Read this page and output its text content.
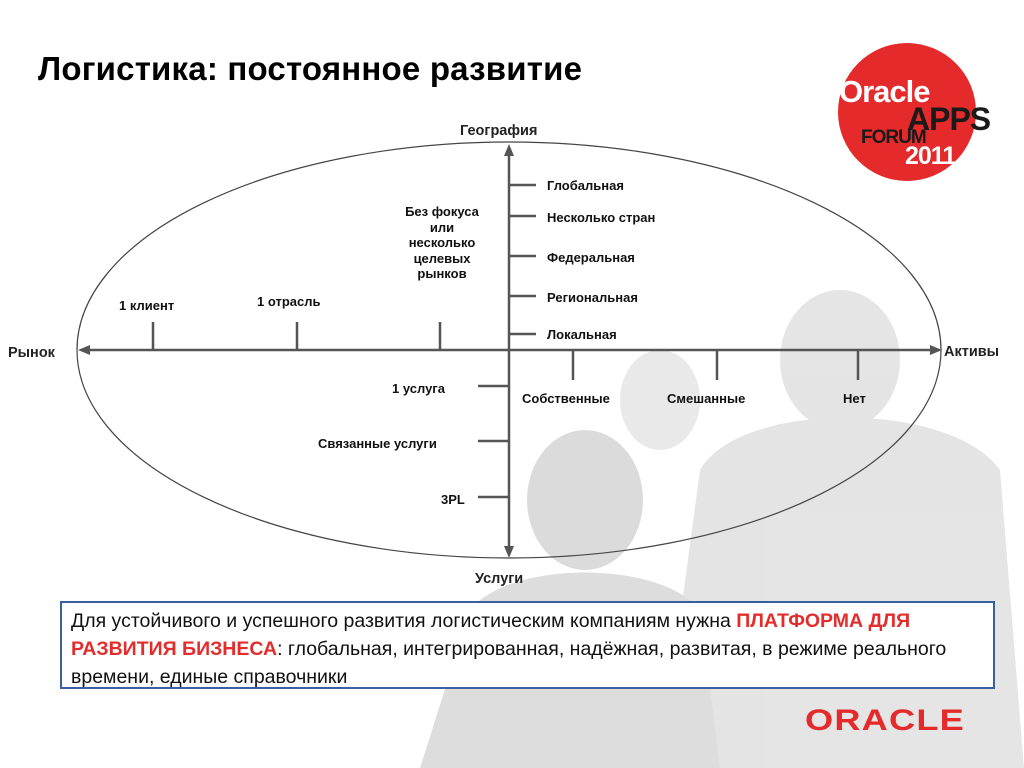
Логистика: постоянное развитие
Oracle
APPS
FORUM
2011
География
Услуги
Рынок	Активы
Глобальная
Несколько стран
Федеральная
Региональная
Локальная
1 клиент	1 отрасль
Без фокуса или несколько целевых рынков
Собственные	Смешанные	Нет
1 услуга
Связанные услуги
3PL
Для устойчивого и успешного развития логистическим компаниям нужна ПЛАТФОРМА ДЛЯ РАЗВИТИЯ БИЗНЕСА: глобальная, интегрированная, надёжная, развитая, в режиме реального времени, единые справочники
ORACLE
